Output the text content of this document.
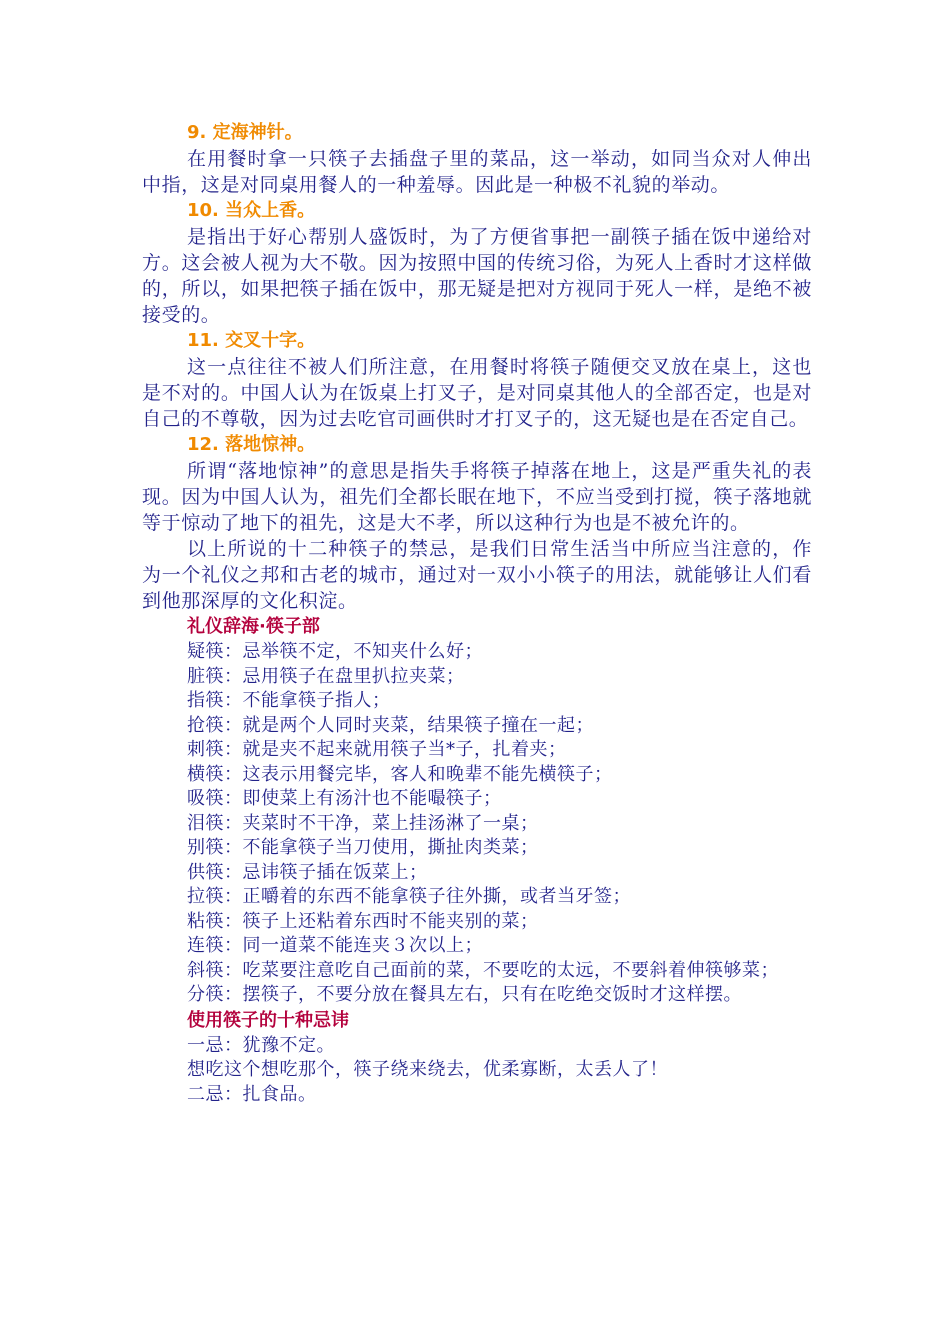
9. 定海神针。

在用餐时拿一只筷子去插盘子里的菜品，这一举动，如同当众对人伸出中指，这是对同桌用餐人的一种羞辱。因此是一种极不礼貌的举动。

10. 当众上香。

是指出于好心帮别人盛饭时，为了方便省事把一副筷子插在饭中递给对方。这会被人视为大不敬。因为按照中国的传统习俗，为死人上香时才这样做的，所以，如果把筷子插在饭中，那无疑是把对方视同于死人一样，是绝不被接受的。

11. 交叉十字。

这一点往往不被人们所注意，在用餐时将筷子随便交叉放在桌上，这也是不对的。中国人认为在饭桌上打叉子，是对同桌其他人的全部否定，也是对自己的不尊敬，因为过去吃官司画供时才打叉子的，这无疑也是在否定自己。

12. 落地惊神。

所谓“落地惊神”的意思是指失手将筷子掉落在地上，这是严重失礼的表现。因为中国人认为，祖先们全都长眠在地下，不应当受到打搅，筷子落地就等于惊动了地下的祖先，这是大不孝，所以这种行为也是不被允许的。

以上所说的十二种筷子的禁忌，是我们日常生活当中所应当注意的，作为一个礼仪之邦和古老的城市，通过对一双小小筷子的用法，就能够让人们看到他那深厚的文化积淀。

礼仪辞海·筷子部

疑筷：忌举筷不定，不知夹什么好；

脏筷：忌用筷子在盘里扒拉夹菜；

指筷：不能拿筷子指人；

抢筷：就是两个人同时夹菜，结果筷子撞在一起；

刺筷：就是夹不起来就用筷子当*子，扎着夹；

横筷：这表示用餐完毕，客人和晚辈不能先横筷子；

吸筷：即使菜上有汤汁也不能嘬筷子；

泪筷：夹菜时不干净，菜上挂汤淋了一桌；

别筷：不能拿筷子当刀使用，撕扯肉类菜；

供筷：忌讳筷子插在饭菜上；

拉筷：正嚼着的东西不能拿筷子往外撕，或者当牙签；

粘筷：筷子上还粘着东西时不能夹别的菜；

连筷：同一道菜不能连夹３次以上；

斜筷：吃菜要注意吃自己面前的菜，不要吃的太远，不要斜着伸筷够菜；

分筷：摆筷子，不要分放在餐具左右，只有在吃绝交饭时才这样摆。

使用筷子的十种忌讳

一忌：犹豫不定。

想吃这个想吃那个，筷子绕来绕去，优柔寡断，太丢人了！

二忌：扎食品。
